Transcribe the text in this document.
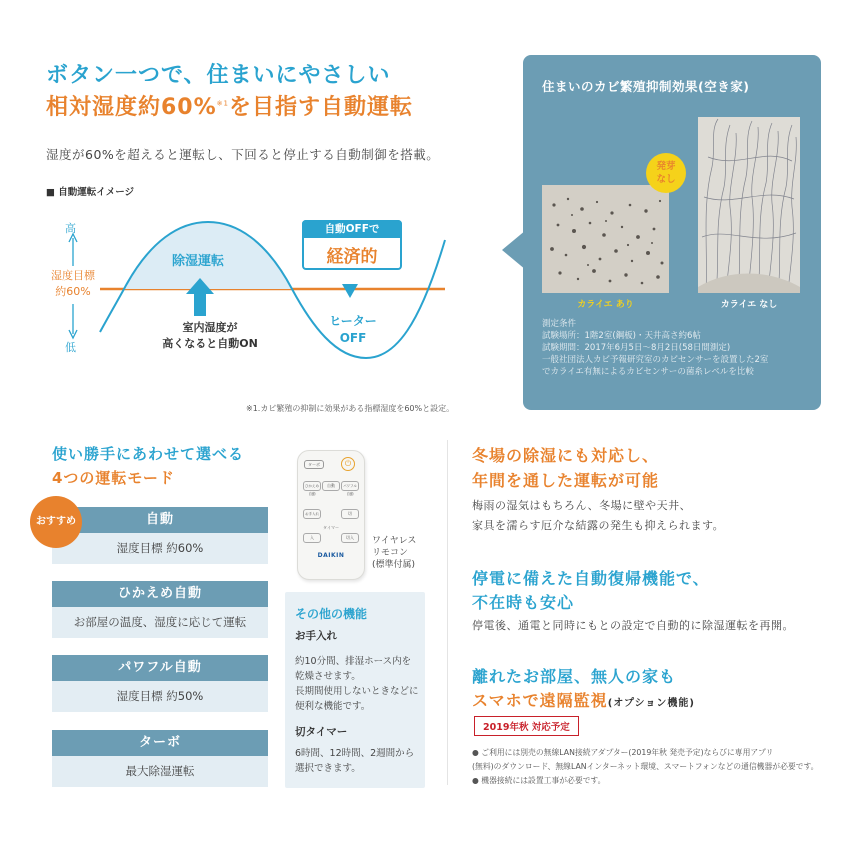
ボタン一つで、住まいにやさしい
相対湿度約60%$^{※1}$を目指す自動運転
湿度が60%を超えると運転し、下回ると停止する自動制御を搭載。
■ 自動運転イメージ
高
湿度目標
約60%
低
除湿運転
室内湿度が
高くなると自動ON
自動OFFで
経済的
ヒーター
OFF
※1.カビ繁殖の抑制に効果がある指標湿度を60%と設定。
住まいのカビ繁殖抑制効果(空き家)
発芽
なし
カライエ あり	カライエ なし
測定条件
試験場所：1階2室(鋼板)・天井高さ約6帖
試験期間：2017年6月5日〜8月2日(58日間測定)
一般社団法人カビ予報研究室のカビセンサーを設置した2室
でカライエ有無によるカビセンサーの菌糸レベルを比較
使い勝手にあわせて選べる
4つの運転モード
自動
湿度目標 約60%
おすすめ
ひかえめ自動
お部屋の温度、湿度に応じて運転
パワフル自動
湿度目標 約50%
ターボ
最大除湿運転
ターボ	⏻
ひかえめ自動
自動	パワフル自動
お手入れ	切
タイマー
入	切入
DAIKIN
ワイヤレス
リモコン
(標準付属)
その他の機能
お手入れ
約10分間、排湿ホース内を
乾燥させます。
長期間使用しないときなどに
便利な機能です。
切タイマー
6時間、12時間、2週間から
選択できます。
冬場の除湿にも対応し、
年間を通した運転が可能
梅雨の湿気はもちろん、冬場に壁や天井、
家具を濡らす厄介な結露の発生も抑えられます。
停電に備えた自動復帰機能で、
不在時も安心
停電後、通電と同時にもとの設定で自動的に除湿運転を再開。
離れたお部屋、無人の家も
スマホで遠隔監視(オプション機能)
2019年秋 対応予定
● ご利用には別売の無線LAN接続アダプター(2019年秋 発売予定)ならびに専用アプリ
(無料)のダウンロード、無線LANインターネット環境、スマートフォンなどの通信機器が必要です。
● 機器接続には設置工事が必要です。
